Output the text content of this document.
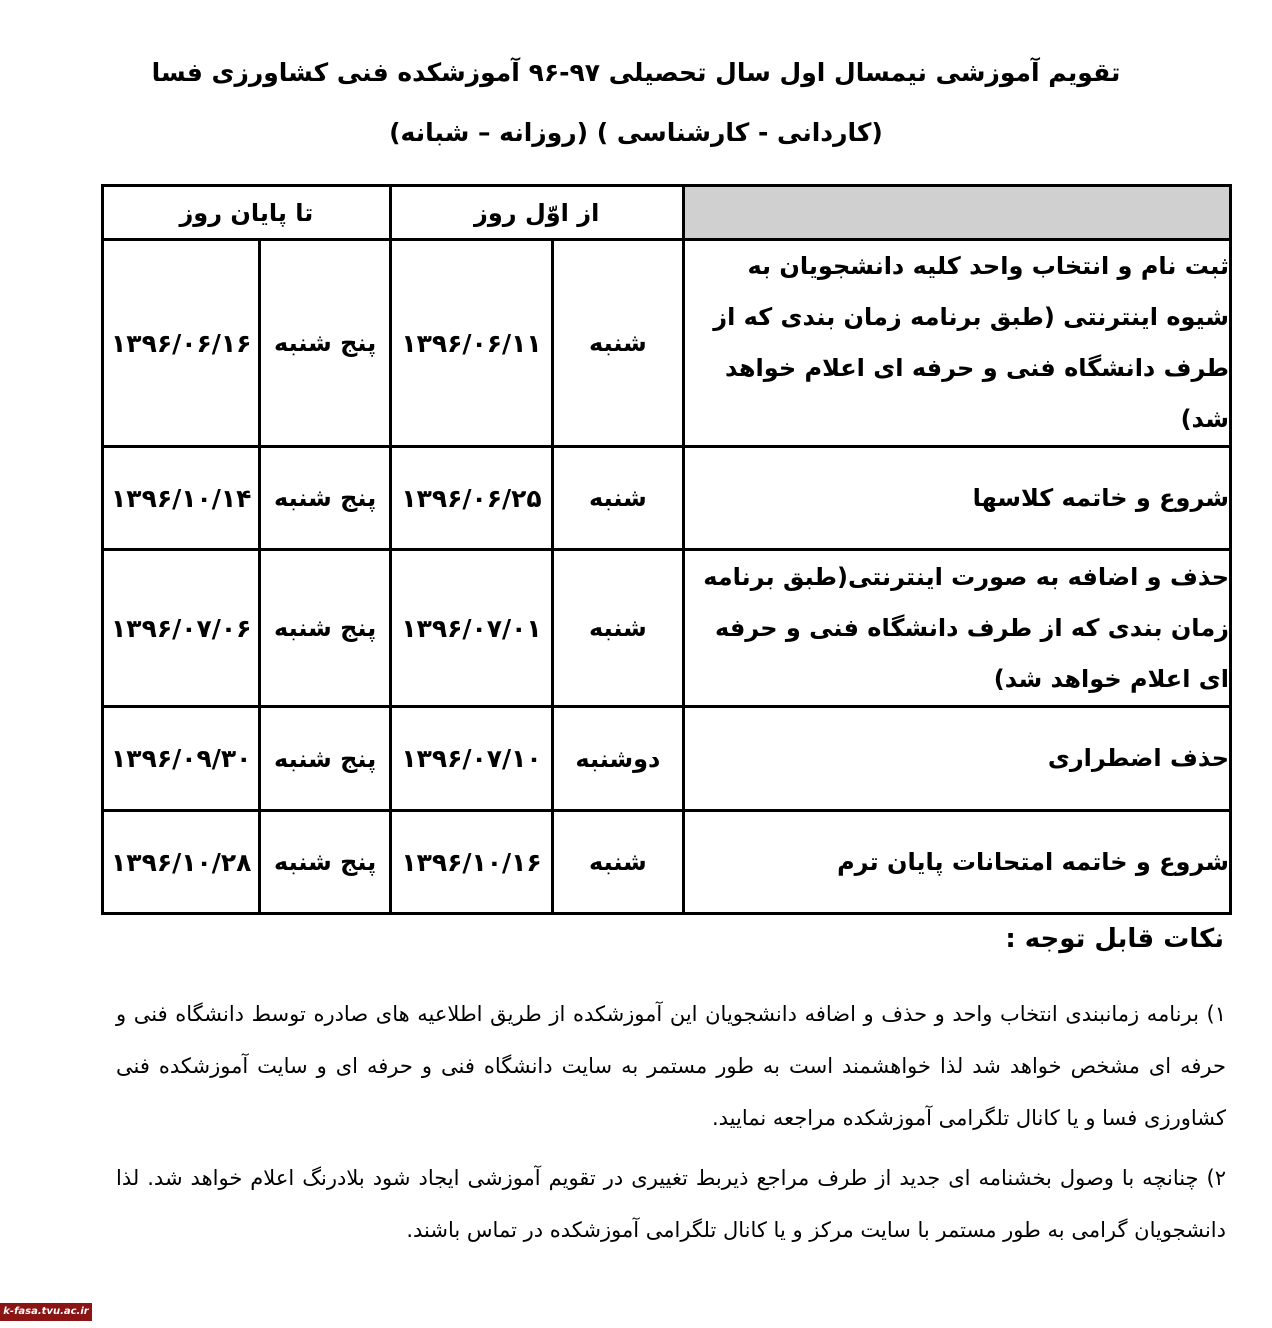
تقویم آموزشی نیمسال اول سال تحصیلی ۹۷-۹۶ آموزشکده فنی کشاورزی فسا
(کاردانی - کارشناسی ) (روزانه – شبانه)
	از اوّل روز		تا پایان روز	
ثبت نام و انتخاب واحد کلیه دانشجویان به شیوه اینترنتی (طبق برنامه زمان بندی که از طرف دانشگاه فنی و حرفه ای اعلام خواهد شد)	شنبه	۱۳۹۶/۰۶/۱۱	پنج شنبه	۱۳۹۶/۰۶/۱۶
شروع و خاتمه کلاسها	شنبه	۱۳۹۶/۰۶/۲۵	پنج شنبه	۱۳۹۶/۱۰/۱۴
حذف و اضافه به صورت اینترنتی(طبق برنامه زمان بندی که از طرف دانشگاه فنی و حرفه ای اعلام خواهد شد)	شنبه	۱۳۹۶/۰۷/۰۱	پنج شنبه	۱۳۹۶/۰۷/۰۶
حذف اضطراری	دوشنبه	۱۳۹۶/۰۷/۱۰	پنج شنبه	۱۳۹۶/۰۹/۳۰
شروع و خاتمه امتحانات پایان ترم	شنبه	۱۳۹۶/۱۰/۱۶	پنج شنبه	۱۳۹۶/۱۰/۲۸
نکات قابل توجه :
۱) برنامه زمانبندی انتخاب واحد و حذف و اضافه دانشجویان این آموزشکده از طریق اطلاعیه های صادره توسط دانشگاه فنی و حرفه ای مشخص خواهد شد لذا خواهشمند است به طور مستمر به سایت دانشگاه فنی و حرفه ای و سایت آموزشکده فنی کشاورزی فسا و یا کانال تلگرامی آموزشکده مراجعه نمایید.
۲) چنانچه با وصول بخشنامه ای جدید از طرف مراجع ذیربط تغییری در تقویم آموزشی ایجاد شود بلادرنگ اعلام خواهد شد. لذا دانشجویان گرامی به طور مستمر با سایت مرکز و یا کانال تلگرامی آموزشکده در تماس باشند.
k-fasa.tvu.ac.ir
